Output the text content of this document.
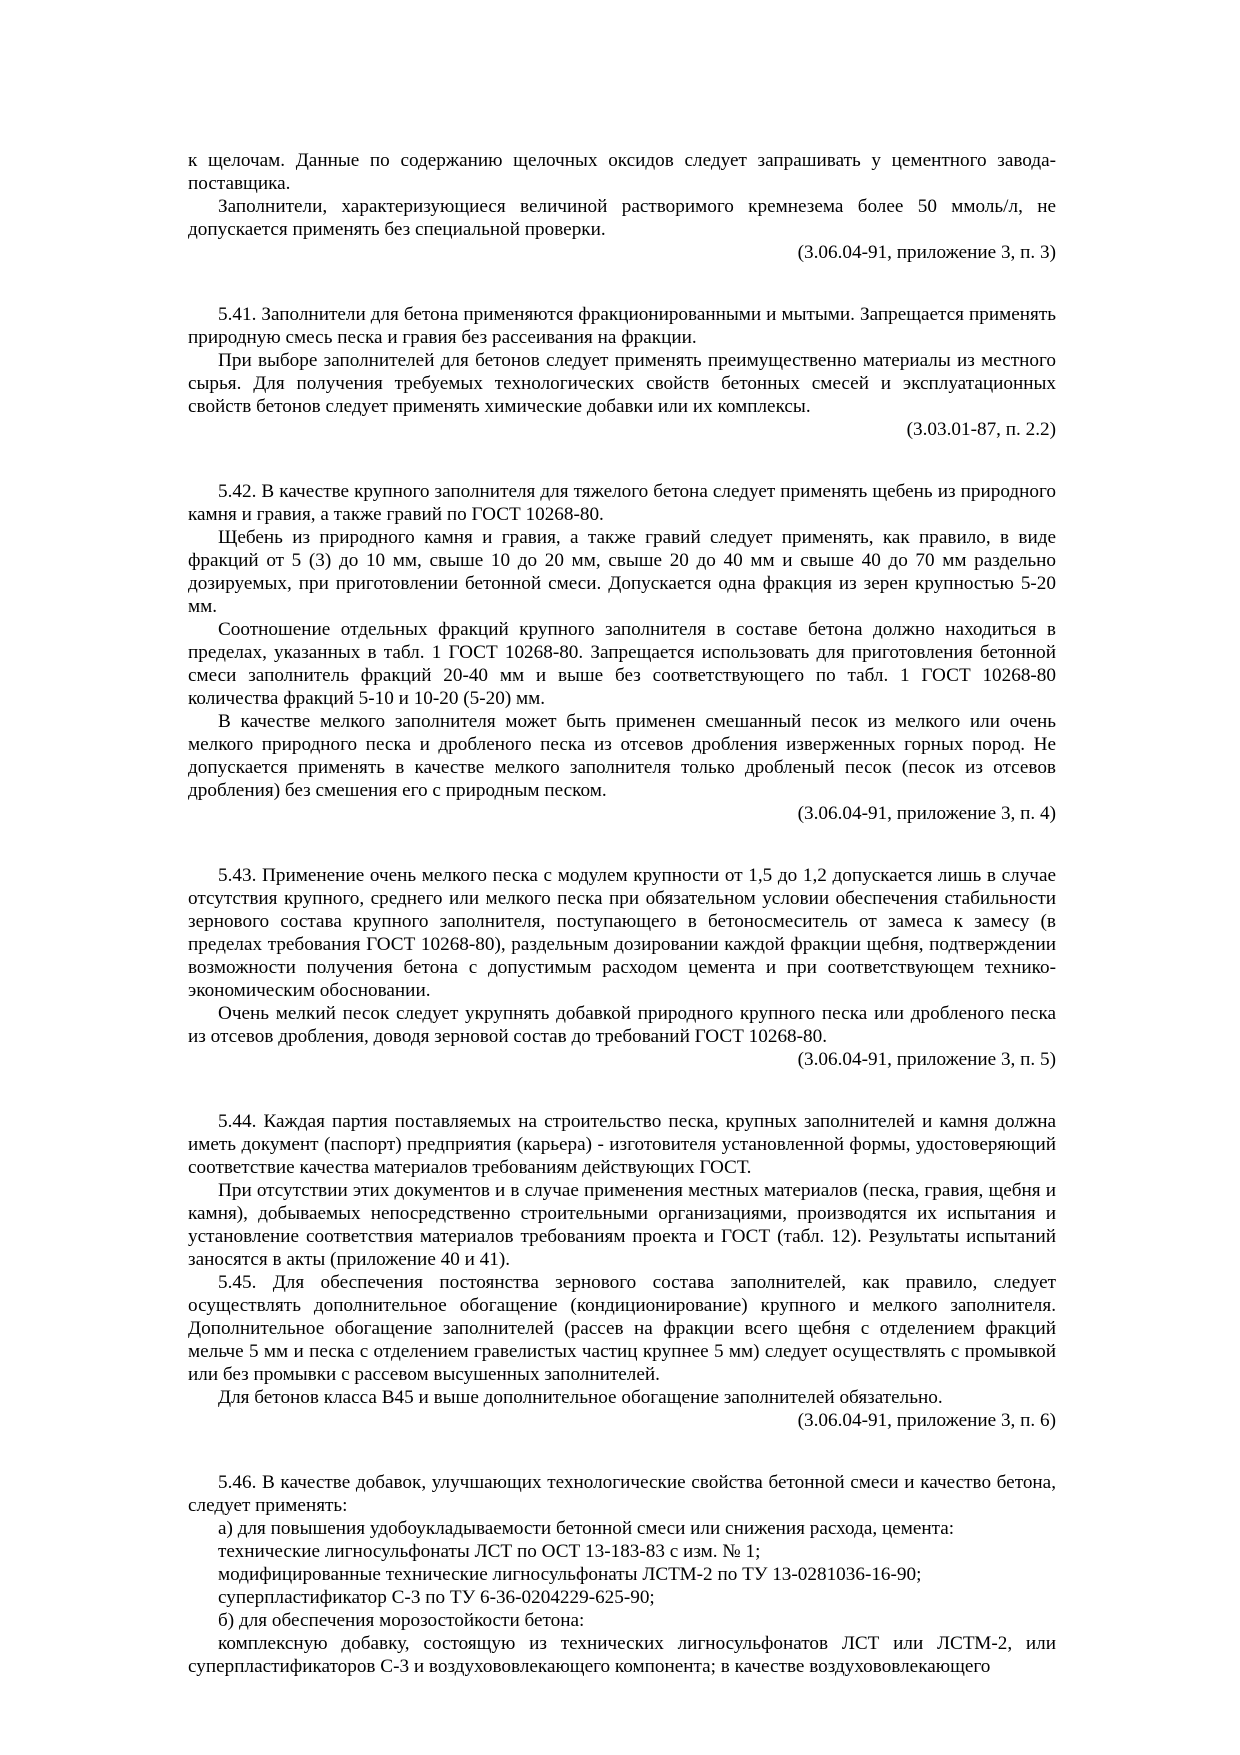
к щелочам. Данные по содержанию щелочных оксидов следует запрашивать у цементного завода-поставщика.

Заполнители, характеризующиеся величиной растворимого кремнезема более 50 ммоль/л, не допускается применять без специальной проверки.

(3.06.04-91, приложение 3, п. 3)

5.41. Заполнители для бетона применяются фракционированными и мытыми. Запрещается применять природную смесь песка и гравия без рассеивания на фракции.

При выборе заполнителей для бетонов следует применять преимущественно материалы из местного сырья. Для получения требуемых технологических свойств бетонных смесей и эксплуатационных свойств бетонов следует применять химические добавки или их комплексы.

(3.03.01-87, п. 2.2)

5.42. В качестве крупного заполнителя для тяжелого бетона следует применять щебень из природного камня и гравия, а также гравий по ГОСТ 10268-80.

Щебень из природного камня и гравия, а также гравий следует применять, как правило, в виде фракций от 5 (3) до 10 мм, свыше 10 до 20 мм, свыше 20 до 40 мм и свыше 40 до 70 мм раздельно дозируемых, при приготовлении бетонной смеси. Допускается одна фракция из зерен крупностью 5-20 мм.

Соотношение отдельных фракций крупного заполнителя в составе бетона должно находиться в пределах, указанных в табл. 1 ГОСТ 10268-80. Запрещается использовать для приготовления бетонной смеси заполнитель фракций 20-40 мм и выше без соответствующего по табл. 1 ГОСТ 10268-80 количества фракций 5-10 и 10-20 (5-20) мм.

В качестве мелкого заполнителя может быть применен смешанный песок из мелкого или очень мелкого природного песка и дробленого песка из отсевов дробления изверженных горных пород. Не допускается применять в качестве мелкого заполнителя только дробленый песок (песок из отсевов дробления) без смешения его с природным песком.

(3.06.04-91, приложение 3, п. 4)

5.43. Применение очень мелкого песка с модулем крупности от 1,5 до 1,2 допускается лишь в случае отсутствия крупного, среднего или мелкого песка при обязательном условии обеспечения стабильности зернового состава крупного заполнителя, поступающего в бетоносмеситель от замеса к замесу (в пределах требования ГОСТ 10268-80), раздельным дозировании каждой фракции щебня, подтверждении возможности получения бетона с допустимым расходом цемента и при соответствующем технико-экономическим обосновании.

Очень мелкий песок следует укрупнять добавкой природного крупного песка или дробленого песка из отсевов дробления, доводя зерновой состав до требований ГОСТ 10268-80.

(3.06.04-91, приложение 3, п. 5)

5.44. Каждая партия поставляемых на строительство песка, крупных заполнителей и камня должна иметь документ (паспорт) предприятия (карьера) - изготовителя установленной формы, удостоверяющий соответствие качества материалов требованиям действующих ГОСТ.

При отсутствии этих документов и в случае применения местных материалов (песка, гравия, щебня и камня), добываемых непосредственно строительными организациями, производятся их испытания и установление соответствия материалов требованиям проекта и ГОСТ (табл. 12). Результаты испытаний заносятся в акты (приложение 40 и 41).

5.45. Для обеспечения постоянства зернового состава заполнителей, как правило, следует осуществлять дополнительное обогащение (кондиционирование) крупного и мелкого заполнителя. Дополнительное обогащение заполнителей (рассев на фракции всего щебня с отделением фракций мельче 5 мм и песка с отделением гравелистых частиц крупнее 5 мм) следует осуществлять с промывкой или без промывки с рассевом высушенных заполнителей.

Для бетонов класса В45 и выше дополнительное обогащение заполнителей обязательно.

(3.06.04-91, приложение 3, п. 6)

5.46. В качестве добавок, улучшающих технологические свойства бетонной смеси и качество бетона, следует применять:

а) для повышения удобоукладываемости бетонной смеси или снижения расхода, цемента:

технические лигносульфонаты ЛСТ по ОСТ 13-183-83 с изм. № 1;

модифицированные технические лигносульфонаты ЛСТМ-2 по ТУ 13-0281036-16-90;

суперпластификатор С-3 по ТУ 6-36-0204229-625-90;

б) для обеспечения морозостойкости бетона:

комплексную добавку, состоящую из технических лигносульфонатов ЛСТ или ЛСТМ-2, или суперпластификаторов С-3 и воздухововлекающего компонента; в качестве воздухововлекающего
